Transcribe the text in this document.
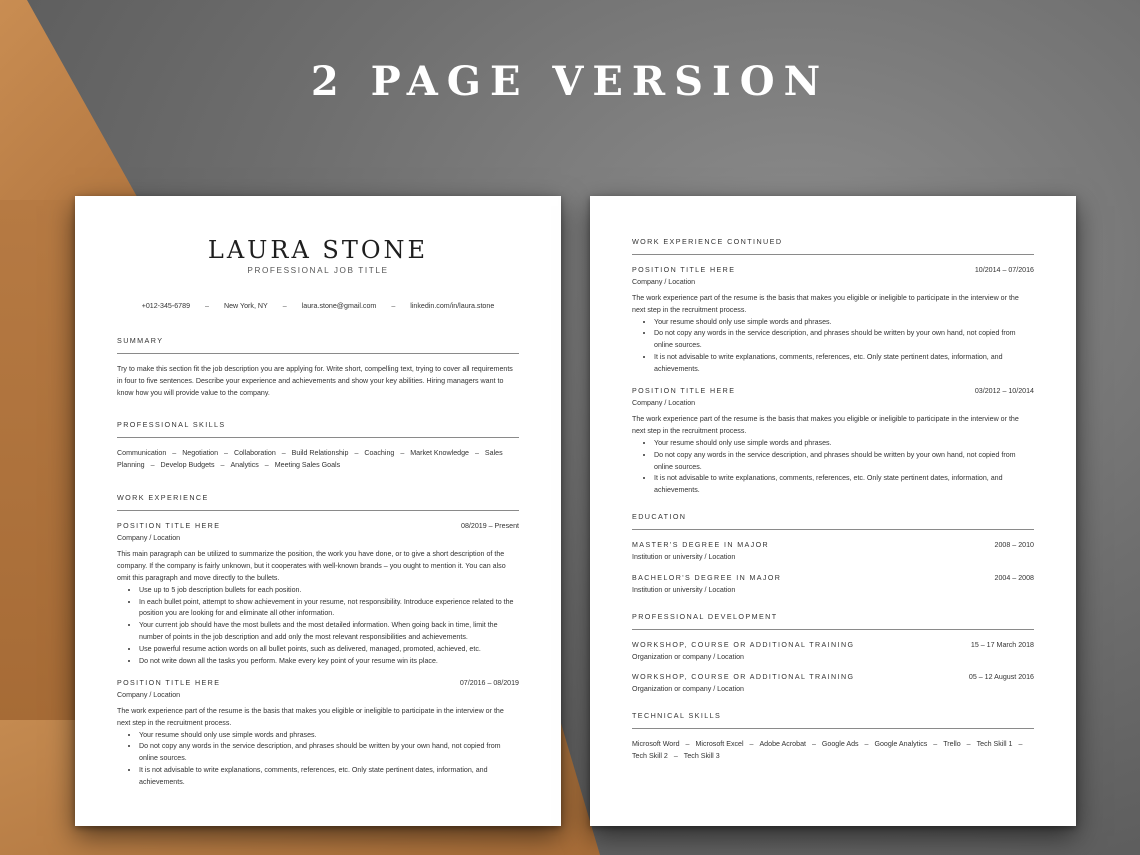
2 PAGE VERSION
LAURA STONE
PROFESSIONAL JOB TITLE
+012-345-6789	–	New York, NY	–	laura.stone@gmail.com	–	linkedin.com/in/laura.stone
SUMMARY

Try to make this section fit the job description you are applying for. Write short, compelling text, trying to cover all requirements in four to five sentences. Describe your experience and achievements and show your key abilities. Hiring managers want to know how you will provide value to the company.

PROFESSIONAL SKILLS

Communication – Negotiation – Collaboration – Build Relationship – Coaching – Market Knowledge – Sales Planning – Develop Budgets – Analytics – Meeting Sales Goals

WORK EXPERIENCE
POSITION TITLE HERE	08/2019 – Present
Company / Location

This main paragraph can be utilized to summarize the position, the work you have done, or to give a short description of the company. If the company is fairly unknown, but it cooperates with well-known brands – you ought to mention it. You can also omit this paragraph and move directly to the bullets.

• Use up to 5 job description bullets for each position.
• In each bullet point, attempt to show achievement in your resume, not responsibility. Introduce experience related to the position you are looking for and eliminate all other information.
• Your current job should have the most bullets and the most detailed information. When going back in time, limit the number of points in the job description and add only the most relevant responsibilities and achievements.
• Use powerful resume action words on all bullet points, such as delivered, managed, promoted, achieved, etc.
• Do not write down all the tasks you perform. Make every key point of your resume win its place.
POSITION TITLE HERE	07/2016 – 08/2019
Company / Location

The work experience part of the resume is the basis that makes you eligible or ineligible to participate in the interview or the next step in the recruitment process.

• Your resume should only use simple words and phrases.
• Do not copy any words in the service description, and phrases should be written by your own hand, not copied from online sources.
• It is not advisable to write explanations, comments, references, etc. Only state pertinent dates, information, and achievements.
WORK EXPERIENCE CONTINUED
POSITION TITLE HERE	10/2014 – 07/2016
Company / Location

The work experience part of the resume is the basis that makes you eligible or ineligible to participate in the interview or the next step in the recruitment process.

• Your resume should only use simple words and phrases.
• Do not copy any words in the service description, and phrases should be written by your own hand, not copied from online sources.
• It is not advisable to write explanations, comments, references, etc. Only state pertinent dates, information, and achievements.
POSITION TITLE HERE	03/2012 – 10/2014
Company / Location

The work experience part of the resume is the basis that makes you eligible or ineligible to participate in the interview or the next step in the recruitment process.

• Your resume should only use simple words and phrases.
• Do not copy any words in the service description, and phrases should be written by your own hand, not copied from online sources.
• It is not advisable to write explanations, comments, references, etc. Only state pertinent dates, information, and achievements.
EDUCATION
MASTER'S DEGREE IN MAJOR	2008 – 2010
Institution or university / Location
BACHELOR'S DEGREE IN MAJOR	2004 – 2008
Institution or university / Location
PROFESSIONAL DEVELOPMENT
WORKSHOP, COURSE OR ADDITIONAL TRAINING	15 – 17 March 2018
Organization or company / Location
WORKSHOP, COURSE OR ADDITIONAL TRAINING	05 – 12 August 2016
Organization or company / Location
TECHNICAL SKILLS

Microsoft Word – Microsoft Excel – Adobe Acrobat – Google Ads – Google Analytics – Trello – Tech Skill 1 – Tech Skill 2 – Tech Skill 3
